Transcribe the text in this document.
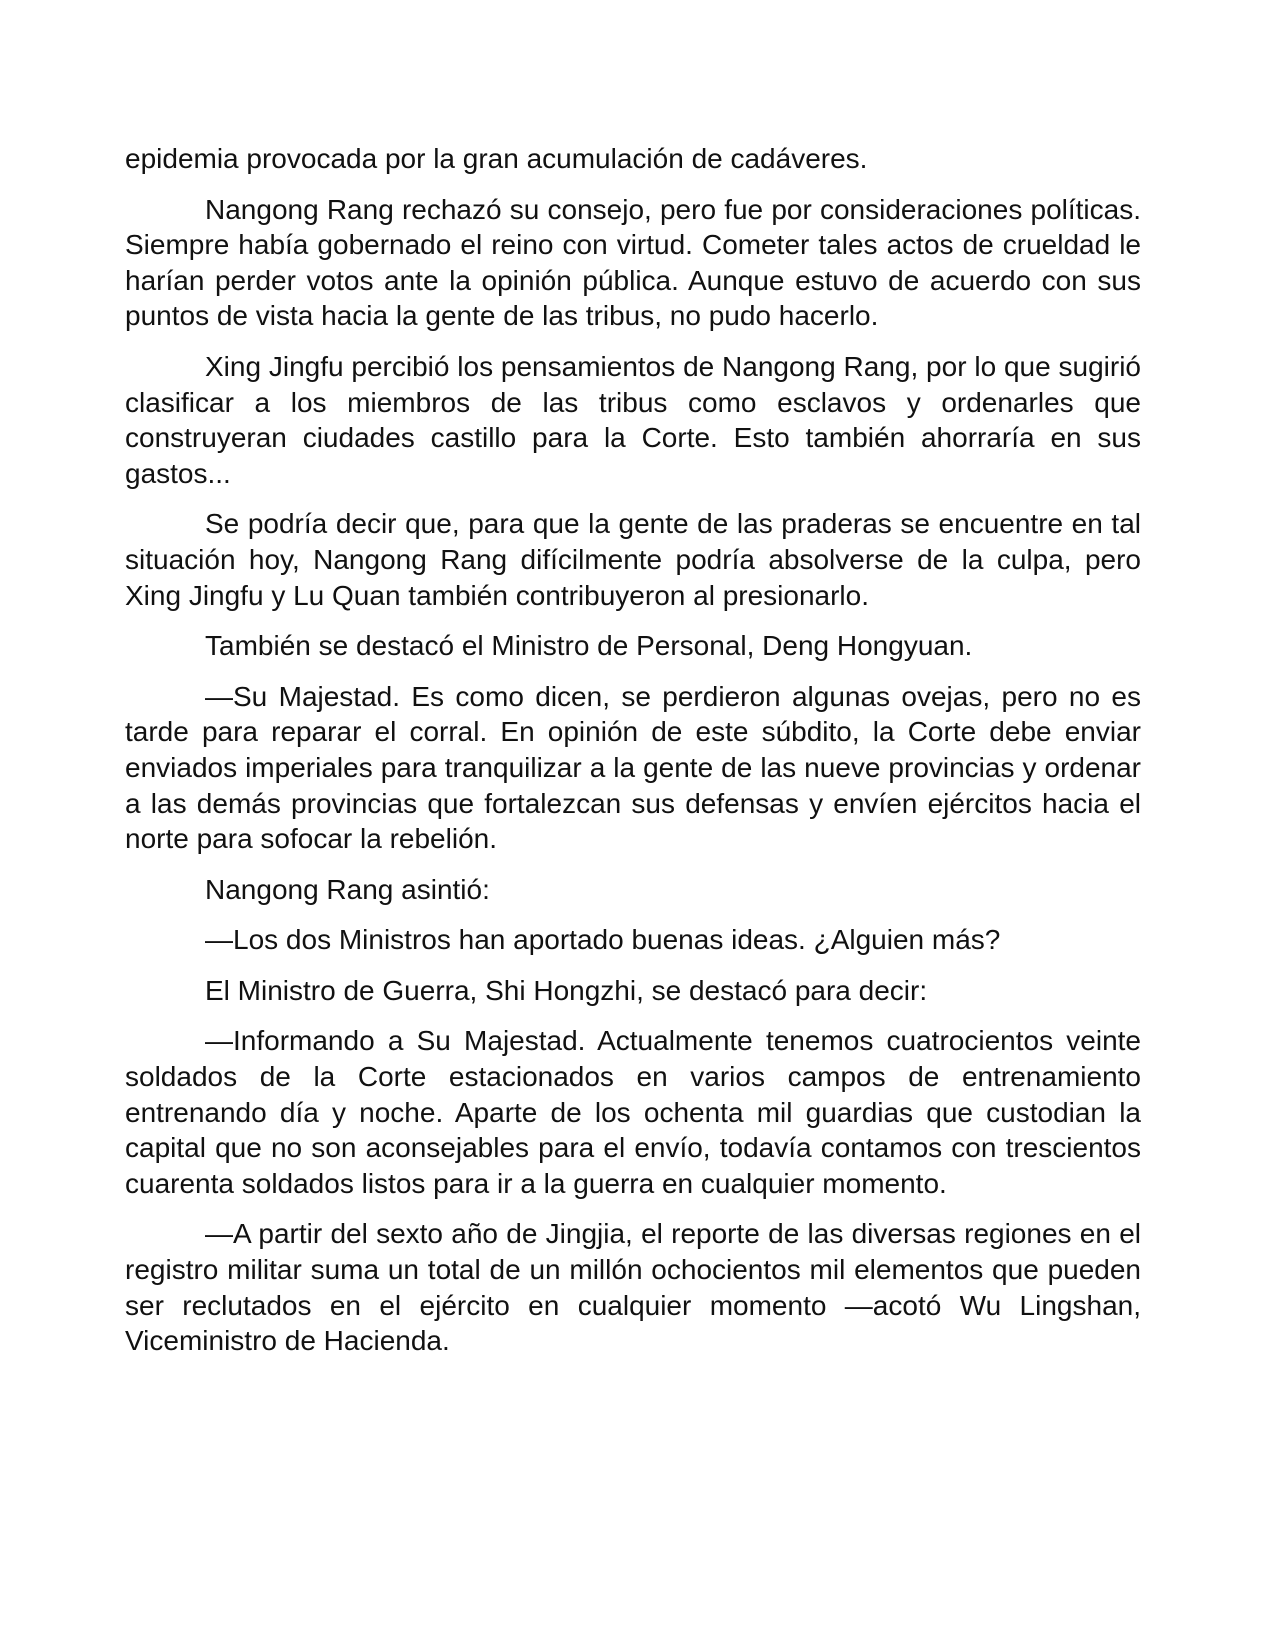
epidemia provocada por la gran acumulación de cadáveres.

Nangong Rang rechazó su consejo, pero fue por consideraciones políticas. Siempre había gobernado el reino con virtud. Cometer tales actos de crueldad le harían perder votos ante la opinión pública. Aunque estuvo de acuerdo con sus puntos de vista hacia la gente de las tribus, no pudo hacerlo.

Xing Jingfu percibió los pensamientos de Nangong Rang, por lo que sugirió clasificar a los miembros de las tribus como esclavos y ordenarles que construyeran ciudades castillo para la Corte. Esto también ahorraría en sus gastos...

Se podría decir que, para que la gente de las praderas se encuentre en tal situación hoy, Nangong Rang difícilmente podría absolverse de la culpa, pero Xing Jingfu y Lu Quan también contribuyeron al presionarlo.

También se destacó el Ministro de Personal, Deng Hongyuan.

—Su Majestad. Es como dicen, se perdieron algunas ovejas, pero no es tarde para reparar el corral. En opinión de este súbdito, la Corte debe enviar enviados imperiales para tranquilizar a la gente de las nueve provincias y ordenar a las demás provincias que fortalezcan sus defensas y envíen ejércitos hacia el norte para sofocar la rebelión.

Nangong Rang asintió:

—Los dos Ministros han aportado buenas ideas. ¿Alguien más?

El Ministro de Guerra, Shi Hongzhi, se destacó para decir:

—Informando a Su Majestad. Actualmente tenemos cuatrocientos veinte soldados de la Corte estacionados en varios campos de entrenamiento entrenando día y noche. Aparte de los ochenta mil guardias que custodian la capital que no son aconsejables para el envío, todavía contamos con trescientos cuarenta soldados listos para ir a la guerra en cualquier momento.

—A partir del sexto año de Jingjia, el reporte de las diversas regiones en el registro militar suma un total de un millón ochocientos mil elementos que pueden ser reclutados en el ejército en cualquier momento —acotó Wu Lingshan, Viceministro de Hacienda.
